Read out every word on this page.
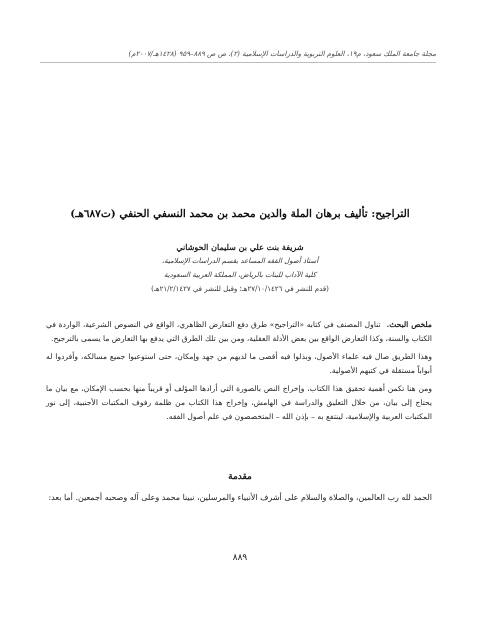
مجلة جامعة الملك سعود، م١٩، العلوم التربوية والدراسات الإسلامية (٢)، ص ص ٨٨٩–٩٥٩ (١٤٢٨هـ/٢٠٠٧م)
التراجيح: تأليف برهان الملة والدين محمد بن محمد النسفي الحنفي (ت٦٨٧هـ)

شريفة بنت علي بن سليمان الحوشاني

أستاذ أصول الفقه المساعد بقسم الدراسات الإسلامية،

كلية الآداب للبنات بالرياض، المملكة العربية السعودية

(قدم للنشر في ٢٧/١٠/١٤٢٦هـ؛ وقبل للنشر في ٢١/٢/١٤٢٧هـ)

ملخص البحث.تناول المصنف في كتابه «التراجيح» طرق دفع التعارض الظاهري، الواقع في النصوص الشرعية، الواردة في الكتاب والسنة، وكذا التعارض الواقع بين بعض الأدلة العقلية، ومن بين تلك الطرق التي يدفع بها التعارض ما يسمى بالترجيح.

وهذا الطريق صال فيه علماء الأصول، وبذلوا فيه أقصى ما لديهم من جهد وإمكان، حتى استوعبوا جميع مسالكه، وأفردوا له أبواباً مستقلة في كتبهم الأصولية.

ومن هنا تكمن أهمية تحقيق هذا الكتاب، وإخراج النص بالصورة التي أرادها المؤلف أو قريباً منها بحسب الإمكان، مع بيان ما يحتاج إلى بيان، من خلال التعليق والدراسة في الهامش، وإخراج هذا الكتاب من ظلمة رفوف المكتبات الأجنبية، إلى نور المكتبات العربية والإسلامية، لينتفع به – بإذن الله – المتخصصون في علم أصول الفقه.

مقدمة

الحمد لله رب العالمين، والصلاة والسلام على أشرف الأنبياء والمرسلين، نبينا محمد وعلى آله وصحبه أجمعين. أما بعد:

٨٨٩
